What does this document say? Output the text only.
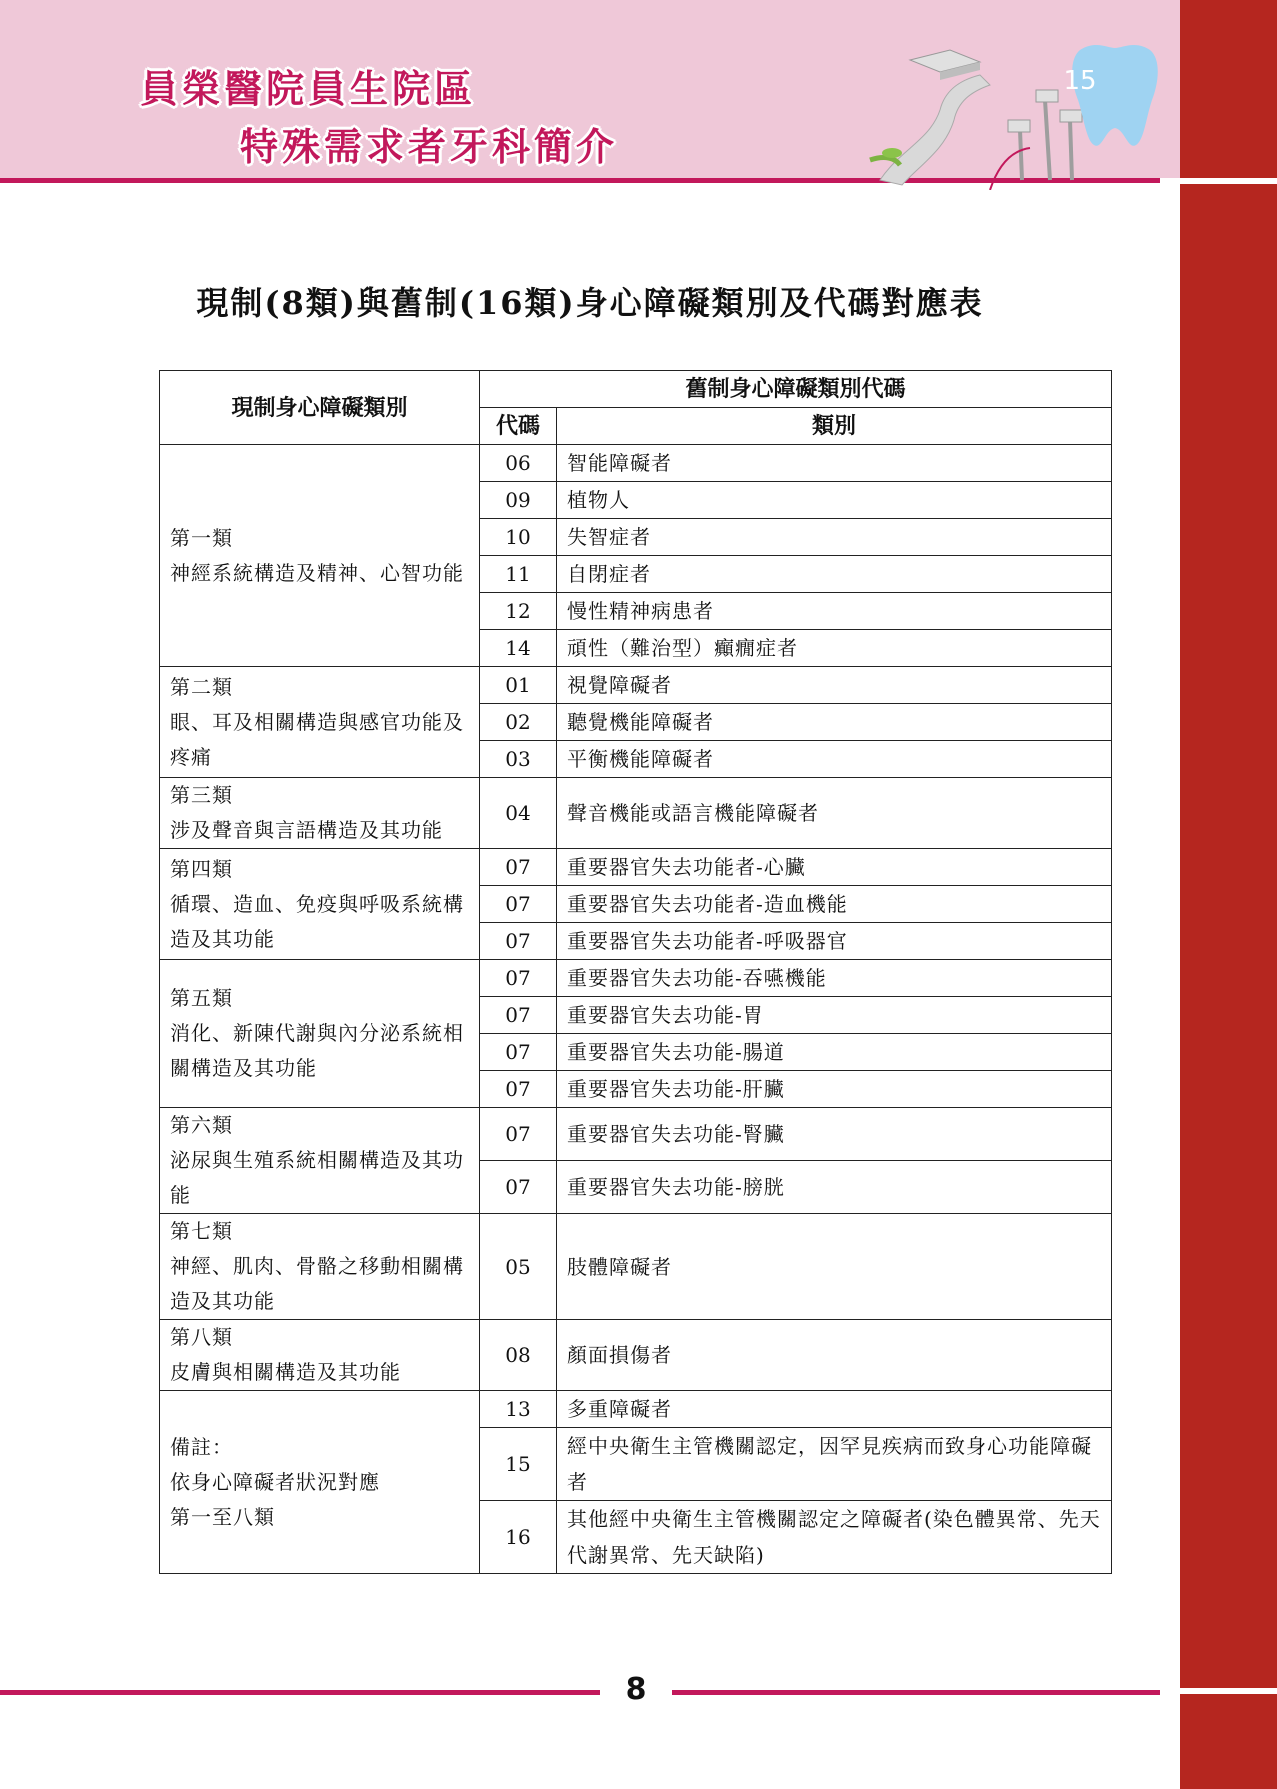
員榮醫院員生院區
特殊需求者牙科簡介
15
現制(8類)與舊制(16類)身心障礙類別及代碼對應表
現制身心障礙類別	舊制身心障礙類別代碼	
	代碼	類別
第一類
神經系統構造及精神、心智功能	06	智能障礙者
	09	植物人
	10	失智症者
	11	自閉症者
	12	慢性精神病患者
	14	頑性（難治型）癲癇症者
第二類
眼、耳及相關構造與感官功能及疼痛	01	視覺障礙者
	02	聽覺機能障礙者
	03	平衡機能障礙者
第三類
涉及聲音與言語構造及其功能	04	聲音機能或語言機能障礙者
第四類
循環、造血、免疫與呼吸系統構造及其功能	07	重要器官失去功能者-心臟
	07	重要器官失去功能者-造血機能
	07	重要器官失去功能者-呼吸器官
第五類
消化、新陳代謝與內分泌系統相關構造及其功能	07	重要器官失去功能-吞嚥機能
	07	重要器官失去功能-胃
	07	重要器官失去功能-腸道
	07	重要器官失去功能-肝臟
第六類
泌尿與生殖系統相關構造及其功能	07	重要器官失去功能-腎臟
	07	重要器官失去功能-膀胱
第七類
神經、肌肉、骨骼之移動相關構造及其功能	05	肢體障礙者
第八類
皮膚與相關構造及其功能	08	顏面損傷者
備註：
依身心障礙者狀況對應
第一至八類	13	多重障礙者
	15	經中央衛生主管機關認定，因罕見疾病而致身心功能障礙者
	16	其他經中央衛生主管機關認定之障礙者(染色體異常、先天代謝異常、先天缺陷)
8
